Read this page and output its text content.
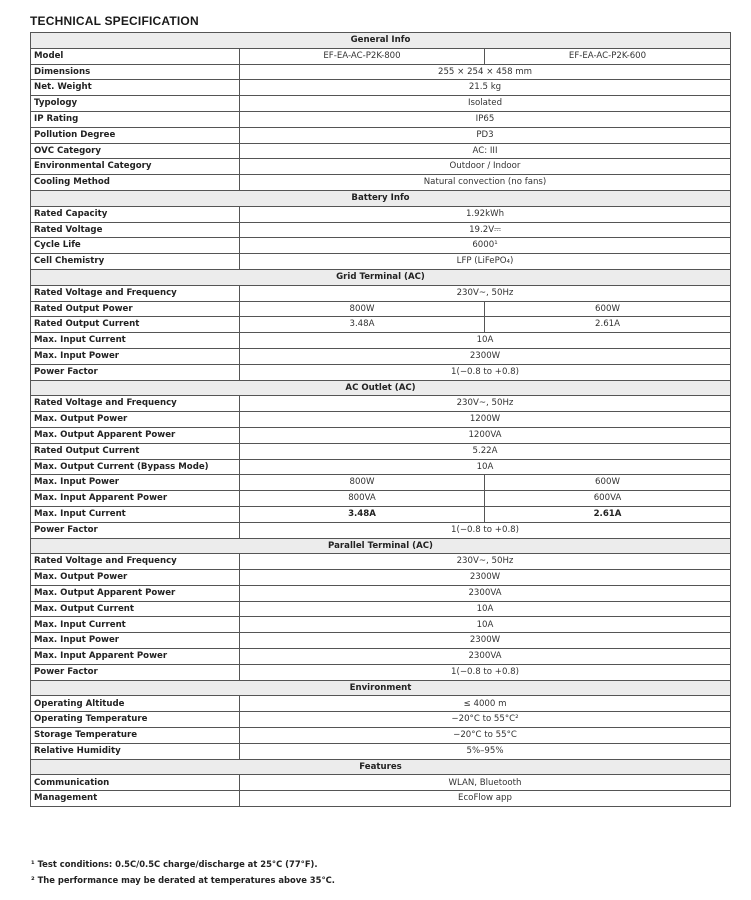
TECHNICAL SPECIFICATION
General Info		
Model	EF-EA-AC-P2K-800	EF-EA-AC-P2K-600
Dimensions	255 × 254 × 458 mm	
Net. Weight	21.5 kg	
Typology	Isolated	
IP Rating	IP65	
Pollution Degree	PD3	
OVC Category	AC: III	
Environmental Category	Outdoor / Indoor	
Cooling Method	Natural convection (no fans)	
Battery Info		
Rated Capacity	1.92kWh	
Rated Voltage	19.2V⎓	
Cycle Life	6000¹	
Cell Chemistry	LFP (LiFePO₄)	
Grid Terminal (AC)		
Rated Voltage and Frequency	230V~, 50Hz	
Rated Output Power	800W	600W
Rated Output Current	3.48A	2.61A
Max. Input Current	10A	
Max. Input Power	2300W	
Power Factor	1(−0.8 to +0.8)	
AC Outlet (AC)		
Rated Voltage and Frequency	230V~, 50Hz	
Max. Output Power	1200W	
Max. Output Apparent Power	1200VA	
Rated Output Current	5.22A	
Max. Output Current (Bypass Mode)	10A	
Max. Input Power	800W	600W
Max. Input Apparent Power	800VA	600VA
Max. Input Current	3.48A	2.61A
Power Factor	1(−0.8 to +0.8)	
Parallel Terminal (AC)		
Rated Voltage and Frequency	230V~, 50Hz	
Max. Output Power	2300W	
Max. Output Apparent Power	2300VA	
Max. Output Current	10A	
Max. Input Current	10A	
Max. Input Power	2300W	
Max. Input Apparent Power	2300VA	
Power Factor	1(−0.8 to +0.8)	
Environment		
Operating Altitude	≤ 4000 m	
Operating Temperature	−20°C to 55°C²	
Storage Temperature	−20°C to 55°C	
Relative Humidity	5%–95%	
Features		
Communication	WLAN, Bluetooth	
Management	EcoFlow app	
¹ Test conditions: 0.5C/0.5C charge/discharge at 25°C (77°F).
² The performance may be derated at temperatures above 35°C.
